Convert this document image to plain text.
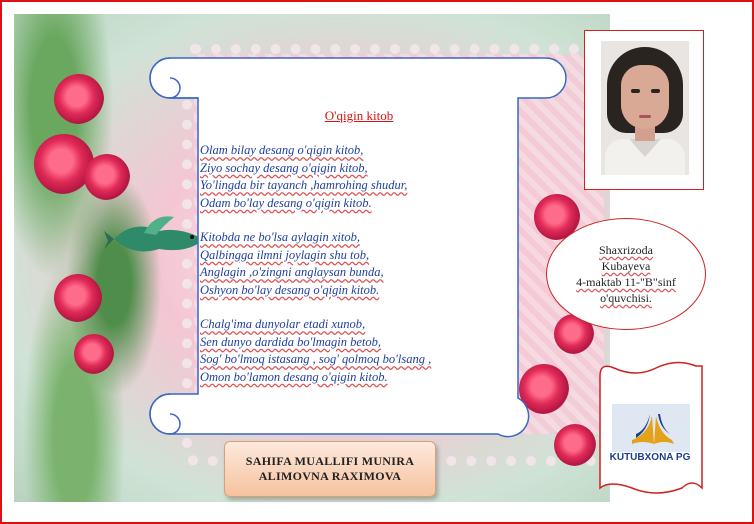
O'qigin kitob
Olam bilay desang o'qigin kitob,
Ziyo sochay desang o'qigin kitob,
Yo'lingda bir tayanch ,hamrohing shudur,
Odam bo'lay desang o'qigin kitob.
Kitobda ne bo'lsa aylagin xitob,
Qalbingga ilmni joylagin shu tob,
Anglagin ,o'zingni anglaysan bunda,
Oshyon bo'lay desang o'qigin kitob.
Chalg'ima dunyolar etadi xunob,
Sen dunyo dardida bo'lmagin betob,
Sog' bo'lmoq istasang , sog' qolmoq bo'lsang ,
Omon bo'lamon desang o'qigin kitob.
SAHIFA MUALLIFI MUNIRA
ALIMOVNA RAXIMOVA
Shaxrizoda
Kubayeva
4-maktab 11-"B"sinf
o'quvchisi.
KUTUBXONA PG
